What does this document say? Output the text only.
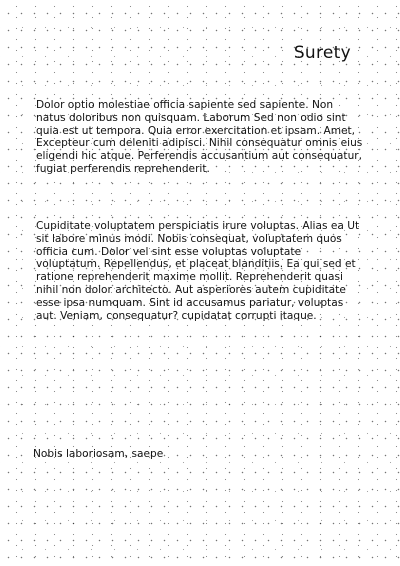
Surety

Dolor optio molestiae officia sapiente sed sapiente. Non natus doloribus non quisquam. Laborum Sed non odio sint quia est ut tempora. Quia error exercitation et ipsam. Amet, Excepteur cum deleniti adipisci. Nihil consequatur omnis eius eligendi hic atque. Perferendis accusantium aut consequatur, fugiat perferendis reprehenderit.

Cupiditate voluptatem perspiciatis irure voluptas. Alias ea Ut sit labore minus modi. Nobis consequat, voluptatem quos officia cum. Dolor vel sint esse voluptas voluptate voluptatum. Repellendus, et placeat blanditiis. Ea qui sed et ratione reprehenderit maxime mollit. Reprehenderit quasi nihil non dolor architecto. Aut asperiores autem cupiditate esse ipsa numquam. Sint id accusamus pariatur, voluptas aut. Veniam, consequatur? cupidatat corrupti itaque.

Nobis laboriosam, saepe
